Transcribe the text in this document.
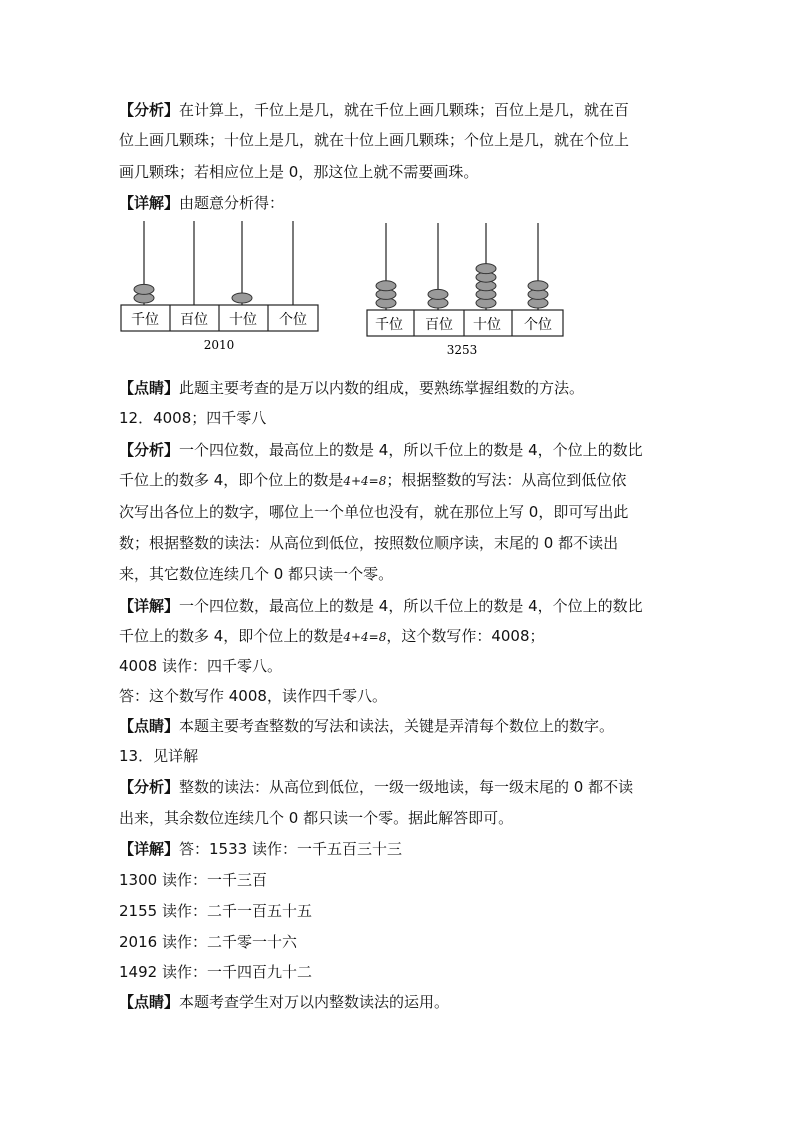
【分析】在计算上，千位上是几，就在千位上画几颗珠；百位上是几，就在百
位上画几颗珠；十位上是几，就在十位上画几颗珠；个位上是几，就在个位上
画几颗珠；若相应位上是 0，那这位上就不需要画珠。
【详解】由题意分析得：
千位 百位 十位 个位
2010
千位 百位 十位 个位
3253
【点睛】此题主要考查的是万以内数的组成，要熟练掌握组数的方法。
12．4008；四千零八
【分析】一个四位数，最高位上的数是 4，所以千位上的数是 4，个位上的数比
千位上的数多 4，即个位上的数是4+4=8；根据整数的写法：从高位到低位依
次写出各位上的数字，哪位上一个单位也没有，就在那位上写 0，即可写出此
数；根据整数的读法：从高位到低位，按照数位顺序读，末尾的 0 都不读出
来，其它数位连续几个 0 都只读一个零。
【详解】一个四位数，最高位上的数是 4，所以千位上的数是 4，个位上的数比
千位上的数多 4，即个位上的数是4+4=8，这个数写作：4008；
4008 读作：四千零八。
答：这个数写作 4008，读作四千零八。
【点睛】本题主要考查整数的写法和读法，关键是弄清每个数位上的数字。
13．见详解
【分析】整数的读法：从高位到低位，一级一级地读，每一级末尾的 0 都不读
出来，其余数位连续几个 0 都只读一个零。据此解答即可。
【详解】答：1533 读作：一千五百三十三
1300 读作：一千三百
2155 读作：二千一百五十五
2016 读作：二千零一十六
1492 读作：一千四百九十二
【点睛】本题考查学生对万以内整数读法的运用。
